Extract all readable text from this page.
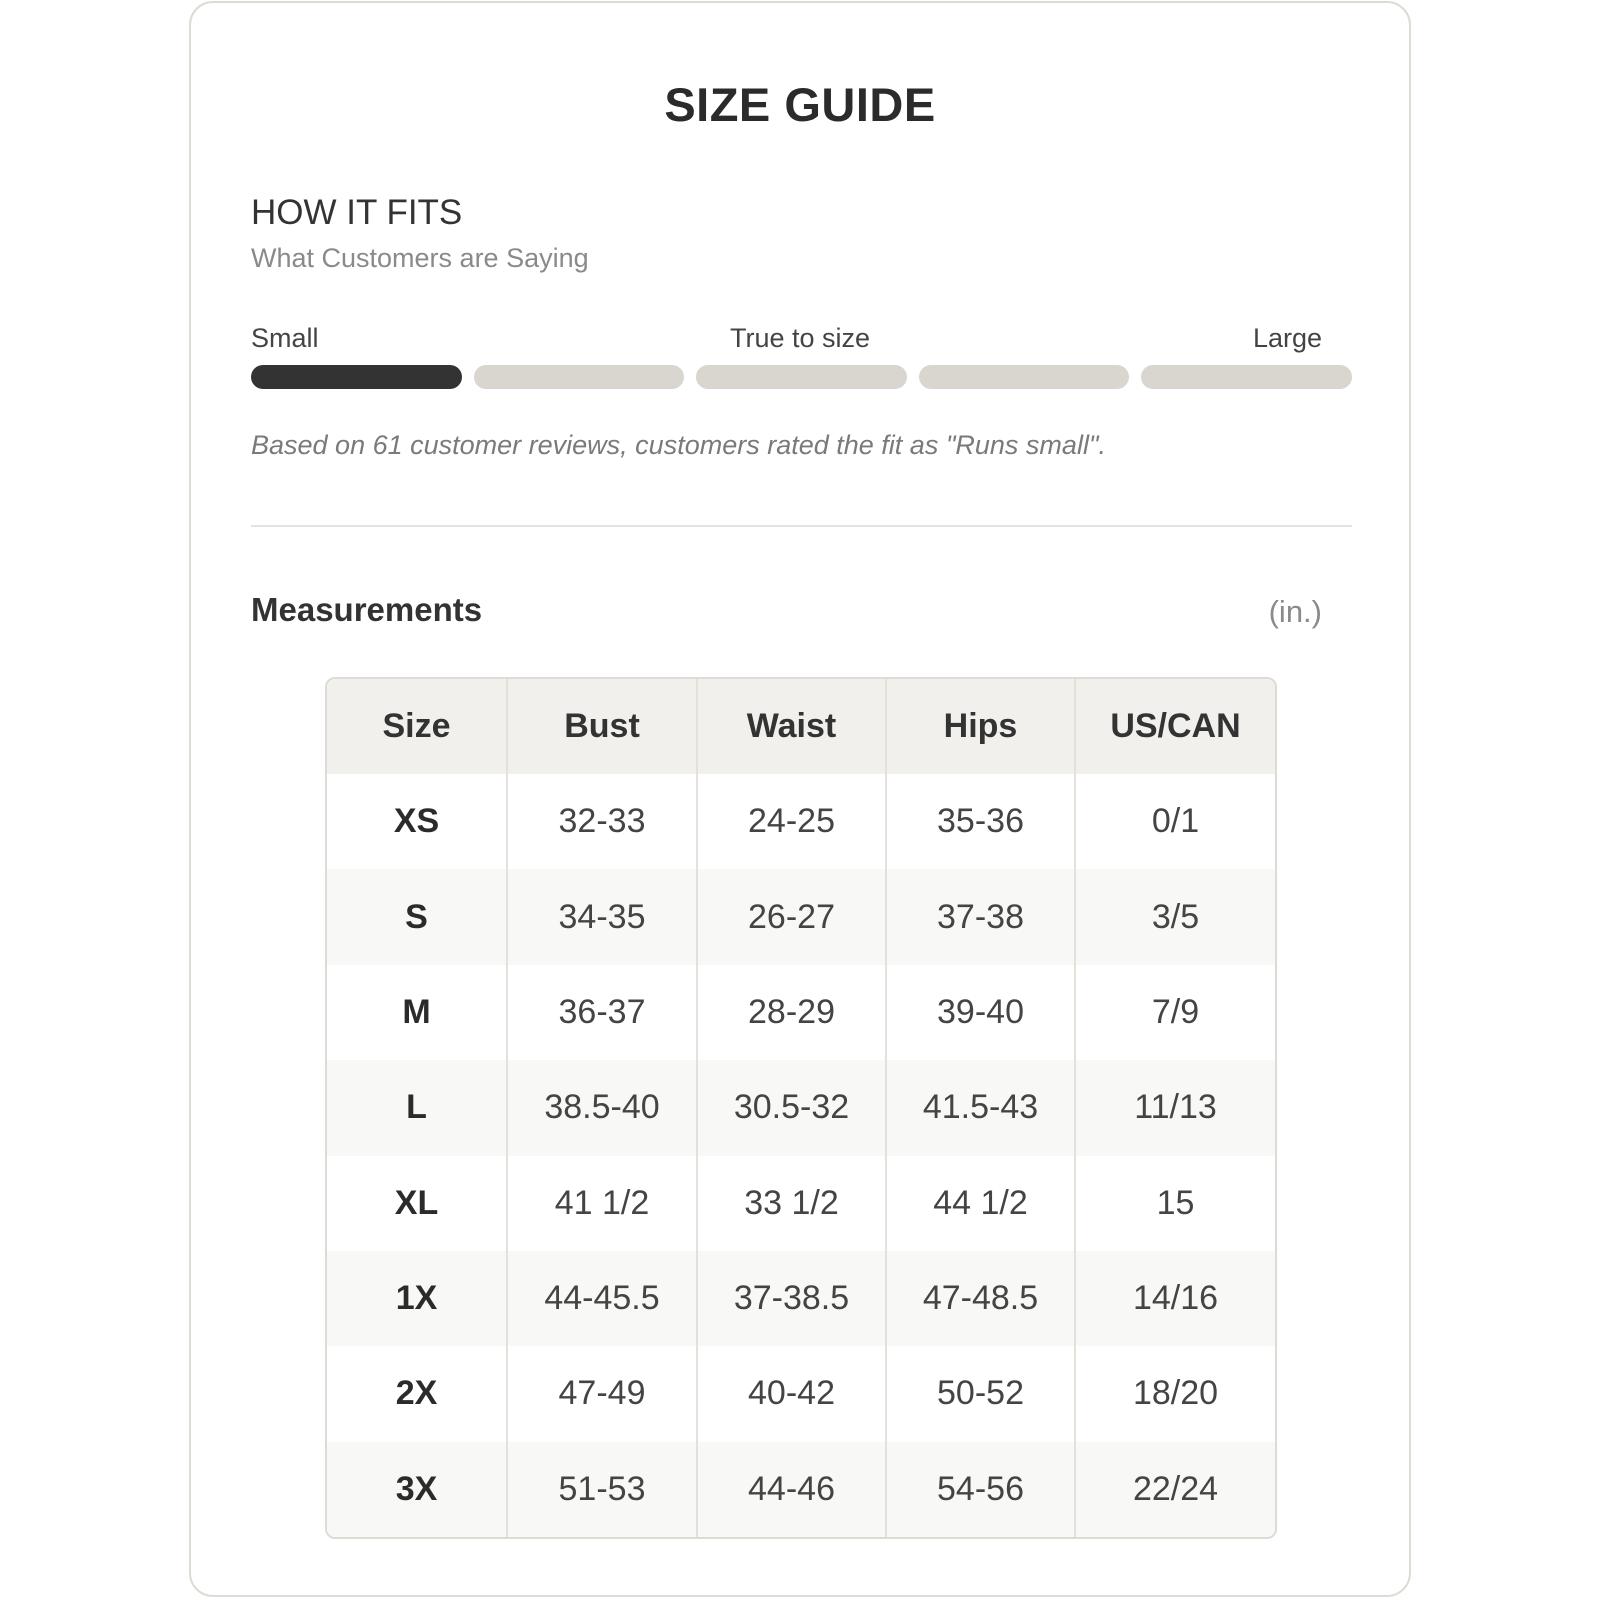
SIZE GUIDE
HOW IT FITS
What Customers are Saying
Small	True to size	Large
Based on 61 customer reviews, customers rated the fit as "Runs small".
Measurements	(in.)
Size	Bust	Waist	Hips	US/CAN
XS	32-33	24-25	35-36	0/1
S	34-35	26-27	37-38	3/5
M	36-37	28-29	39-40	7/9
L	38.5-40	30.5-32	41.5-43	11/13
XL	41 1/2	33 1/2	44 1/2	15
1X	44-45.5	37-38.5	47-48.5	14/16
2X	47-49	40-42	50-52	18/20
3X	51-53	44-46	54-56	22/24
